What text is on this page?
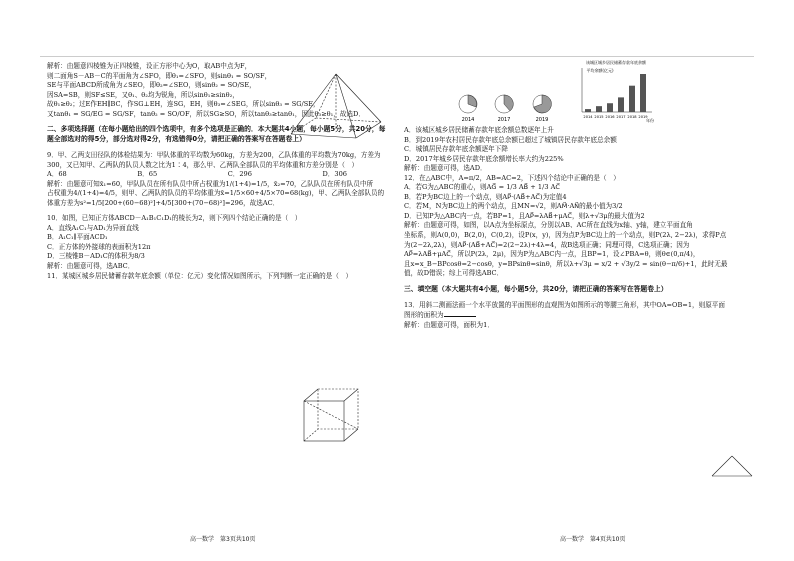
解析：由题意四棱锥为正四棱锥，设正方形中心为O，取AB中点为F，
则二面角S－AB－C的平面角为∠SFO，即θ₁=∠SFO，则sinθ₁ = SO/SF，
SE与平面ABCD所成角为∠SEO，即θ₂=∠SEO，则sinθ₂ = SO/SE，
因SA=SB，则SF≤SE，又θ₁、θ₂均为锐角，所以sinθ₁≥sinθ₂，
故θ₁≥θ₂；过E作EH∥BC，作SG⊥EH，连SG，EH，则θ₃=∠SEG，所以sinθ₃ = SG/SE，
又tanθ₁ = SG/EG = SG/SF，tanθ₂ = SO/OF，所以SG≥SO，所以tanθ₃≥tanθ₁，因此θ₃≥θ₁，故选D．
二、多项选择题（在每小题给出的四个选项中，有多个选项是正确的．本大题共4小题，每小题5分，共20分，每题全部选对的得5分，部分选对得2分，有选错得0分，请把正确的答案写在答题卷上）
9．甲、乙两支田径队的体检结果为：甲队体重的平均数为60kg，方差为200，乙队体重的平均数为70kg，方差为300，又已知甲、乙两队的队员人数之比为1∶4，那么甲、乙两队全部队员的平均体重和方差分别是（　）
A．68	B．65	C．296	D．306
解析：由题意可知x̄₁=60，甲队队员在所有队员中所占权重为1/(1+4)=1/5，x̄₂=70，乙队队员在所有队员中所
占权重为4/(1+4)=4/5，则甲、乙两队的队员的平均体重为x̄=1/5×60+4/5×70=68(kg)，甲、乙两队全部队员的
体重方差为s²=1/5[200+(60−68)²]+4/5[300+(70−68)²]=296，故选AC．
10．如图，已知正方体ABCD－A₁B₁C₁D₁的棱长为2，则下列四个结论正确的是（　）
A．直线A₁C₁与AD₁为异面直线
B．A₁C₁∥平面ACD₁
C．正方体的外接球的表面积为12π
D．三棱锥B－AD₁C的体积为8/3
解析：由题意可得，选ABC．
11．某城区城乡居民储蓄存款年底余额（单位：亿元）变化情况如图所示，下列判断一定正确的是（　）
高一数学　第3页共10页
A．该城区城乡居民储蓄存款年底余额总数逐年上升
B．到2019年农村居民存款年底总余额已超过了城镇居民存款年底总余额
C．城镇居民存款年底余额逐年下降
D．2017年城乡居民存款年底余额增长率大约为225%
解析：由题意可得，选AD．
12．在△ABC中，A=π/2，AB=AC=2，下述四个结论中正确的是（　）
A．若G为△ABC的重心，则AG⃗ = 1/3 AB⃗ + 1/3 AC⃗
B．若P为BC边上的一个动点，则AP⃗·(AB⃗+AC⃗)为定值4
C．若M，N为BC边上的两个动点，且MN=√2，则AM⃗·AN⃗的最小值为3/2
D．已知P为△ABC内一点，若BP=1，且AP⃗=λAB⃗+μAC⃗，则λ+√3μ的最大值为2
解析：由题意可得，如图，以A点为坐标原点，分别以AB、AC所在直线为x轴、y轴，建立平面直角
坐标系，则A(0,0)，B(2,0)，C(0,2)，设P(x，y)，因为点P为BC边上的一个动点，则P(2λ, 2−2λ)，求得P点
为(2−2λ,2λ)，则AP⃗·(AB⃗+AC⃗)=2(2−2λ)+4λ=4，故B选项正确；同理可得，C选项正确；因为
AP⃗=λAB⃗+μAC⃗，所以P(2λ，2μ)，因为P为△ABC内一点，且BP=1，设∠PBA=θ，则θ∈(0,π/4)，
且x=x_B−BPcosθ=2−cosθ，y=BPsinθ=sinθ，所以λ+√3μ = x/2 + √3y/2 = sin(θ−π/6)+1，此时无最
值，故D错误；综上可得选ABC．
三、填空题（本大题共有4小题，每小题5分，共20分，请把正确的答案写在答题卷上）
13．用斜二测画法画一个水平放置的平面图形的直观图为如图所示的等腰三角形，其中OA=OB=1，则原平面
图形的面积为
解析：由题意可得，面积为1．
2014	2017	2019
该城区城乡居民储蓄存款年底余额
平均余额(亿元)
年份
2014 2015 2016 2017 2018 2019
高一数学　第4页共10页
